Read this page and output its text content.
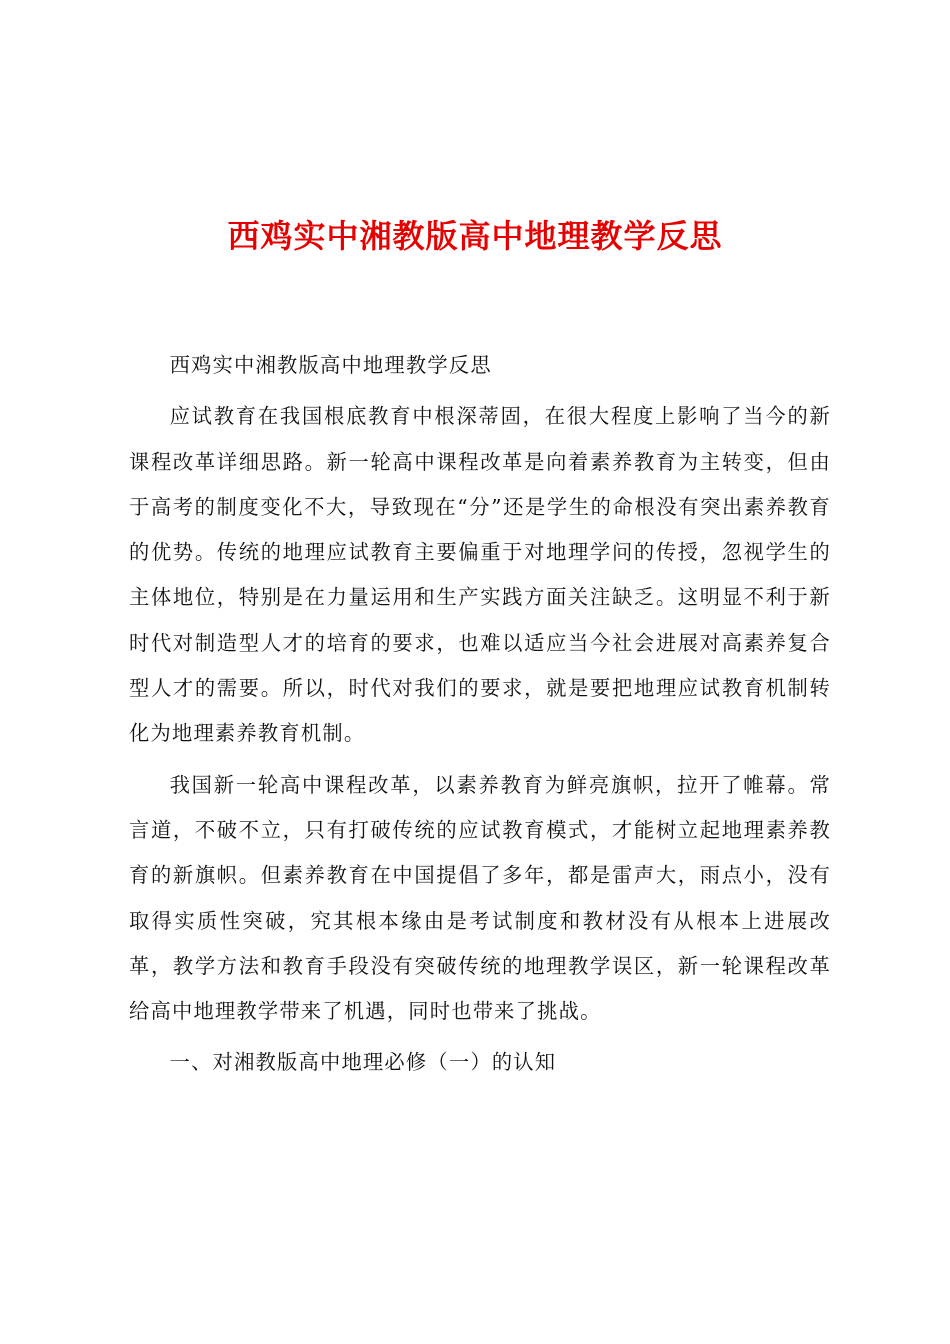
西鸡实中湘教版高中地理教学反思

西鸡实中湘教版高中地理教学反思

应试教育在我国根底教育中根深蒂固，在很大程度上影响了当今的新课程改革详细思路。新一轮高中课程改革是向着素养教育为主转变，但由于高考的制度变化不大，导致现在“分”还是学生的命根没有突出素养教育的优势。传统的地理应试教育主要偏重于对地理学问的传授，忽视学生的主体地位，特别是在力量运用和生产实践方面关注缺乏。这明显不利于新时代对制造型人才的培育的要求，也难以适应当今社会进展对高素养复合型人才的需要。所以，时代对我们的要求，就是要把地理应试教育机制转化为地理素养教育机制。

我国新一轮高中课程改革，以素养教育为鲜亮旗帜，拉开了帷幕。常言道，不破不立，只有打破传统的应试教育模式，才能树立起地理素养教育的新旗帜。但素养教育在中国提倡了多年，都是雷声大，雨点小，没有取得实质性突破，究其根本缘由是考试制度和教材没有从根本上进展改革，教学方法和教育手段没有突破传统的地理教学误区，新一轮课程改革给高中地理教学带来了机遇，同时也带来了挑战。

一、对湘教版高中地理必修（一）的认知
